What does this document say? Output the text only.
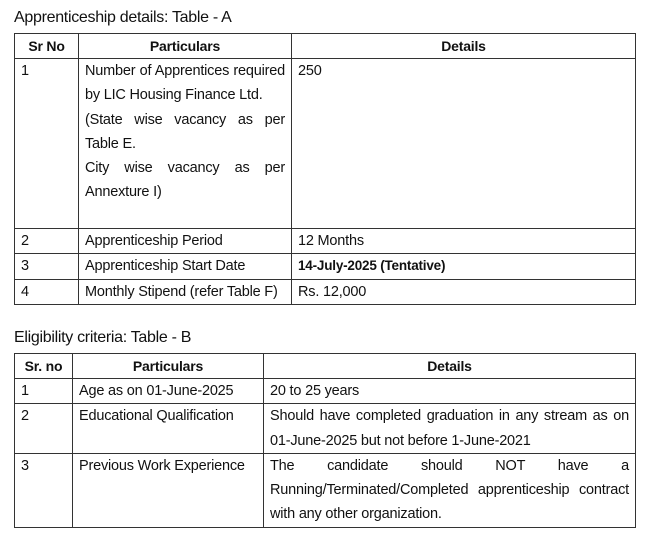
Apprenticeship details: Table - A
Sr No	Particulars	Details
1	Number of Apprentices required by LIC Housing Finance Ltd.
(State wise vacancy as per Table E.
City wise vacancy as per Annexture I)	250
2	Apprenticeship Period	12 Months
3	Apprenticeship Start Date	14-July-2025 (Tentative)
4	Monthly Stipend (refer Table F)	Rs. 12,000
Eligibility criteria: Table - B
Sr. no	Particulars	Details
1	Age as on 01-June-2025	20 to 25 years
2	Educational Qualification	Should have completed graduation in any stream as on 01-June-2025 but not before 1-June-2021
3	Previous Work Experience	The candidate should NOT have a Running/Terminated/Completed apprenticeship contract with any other organization.
